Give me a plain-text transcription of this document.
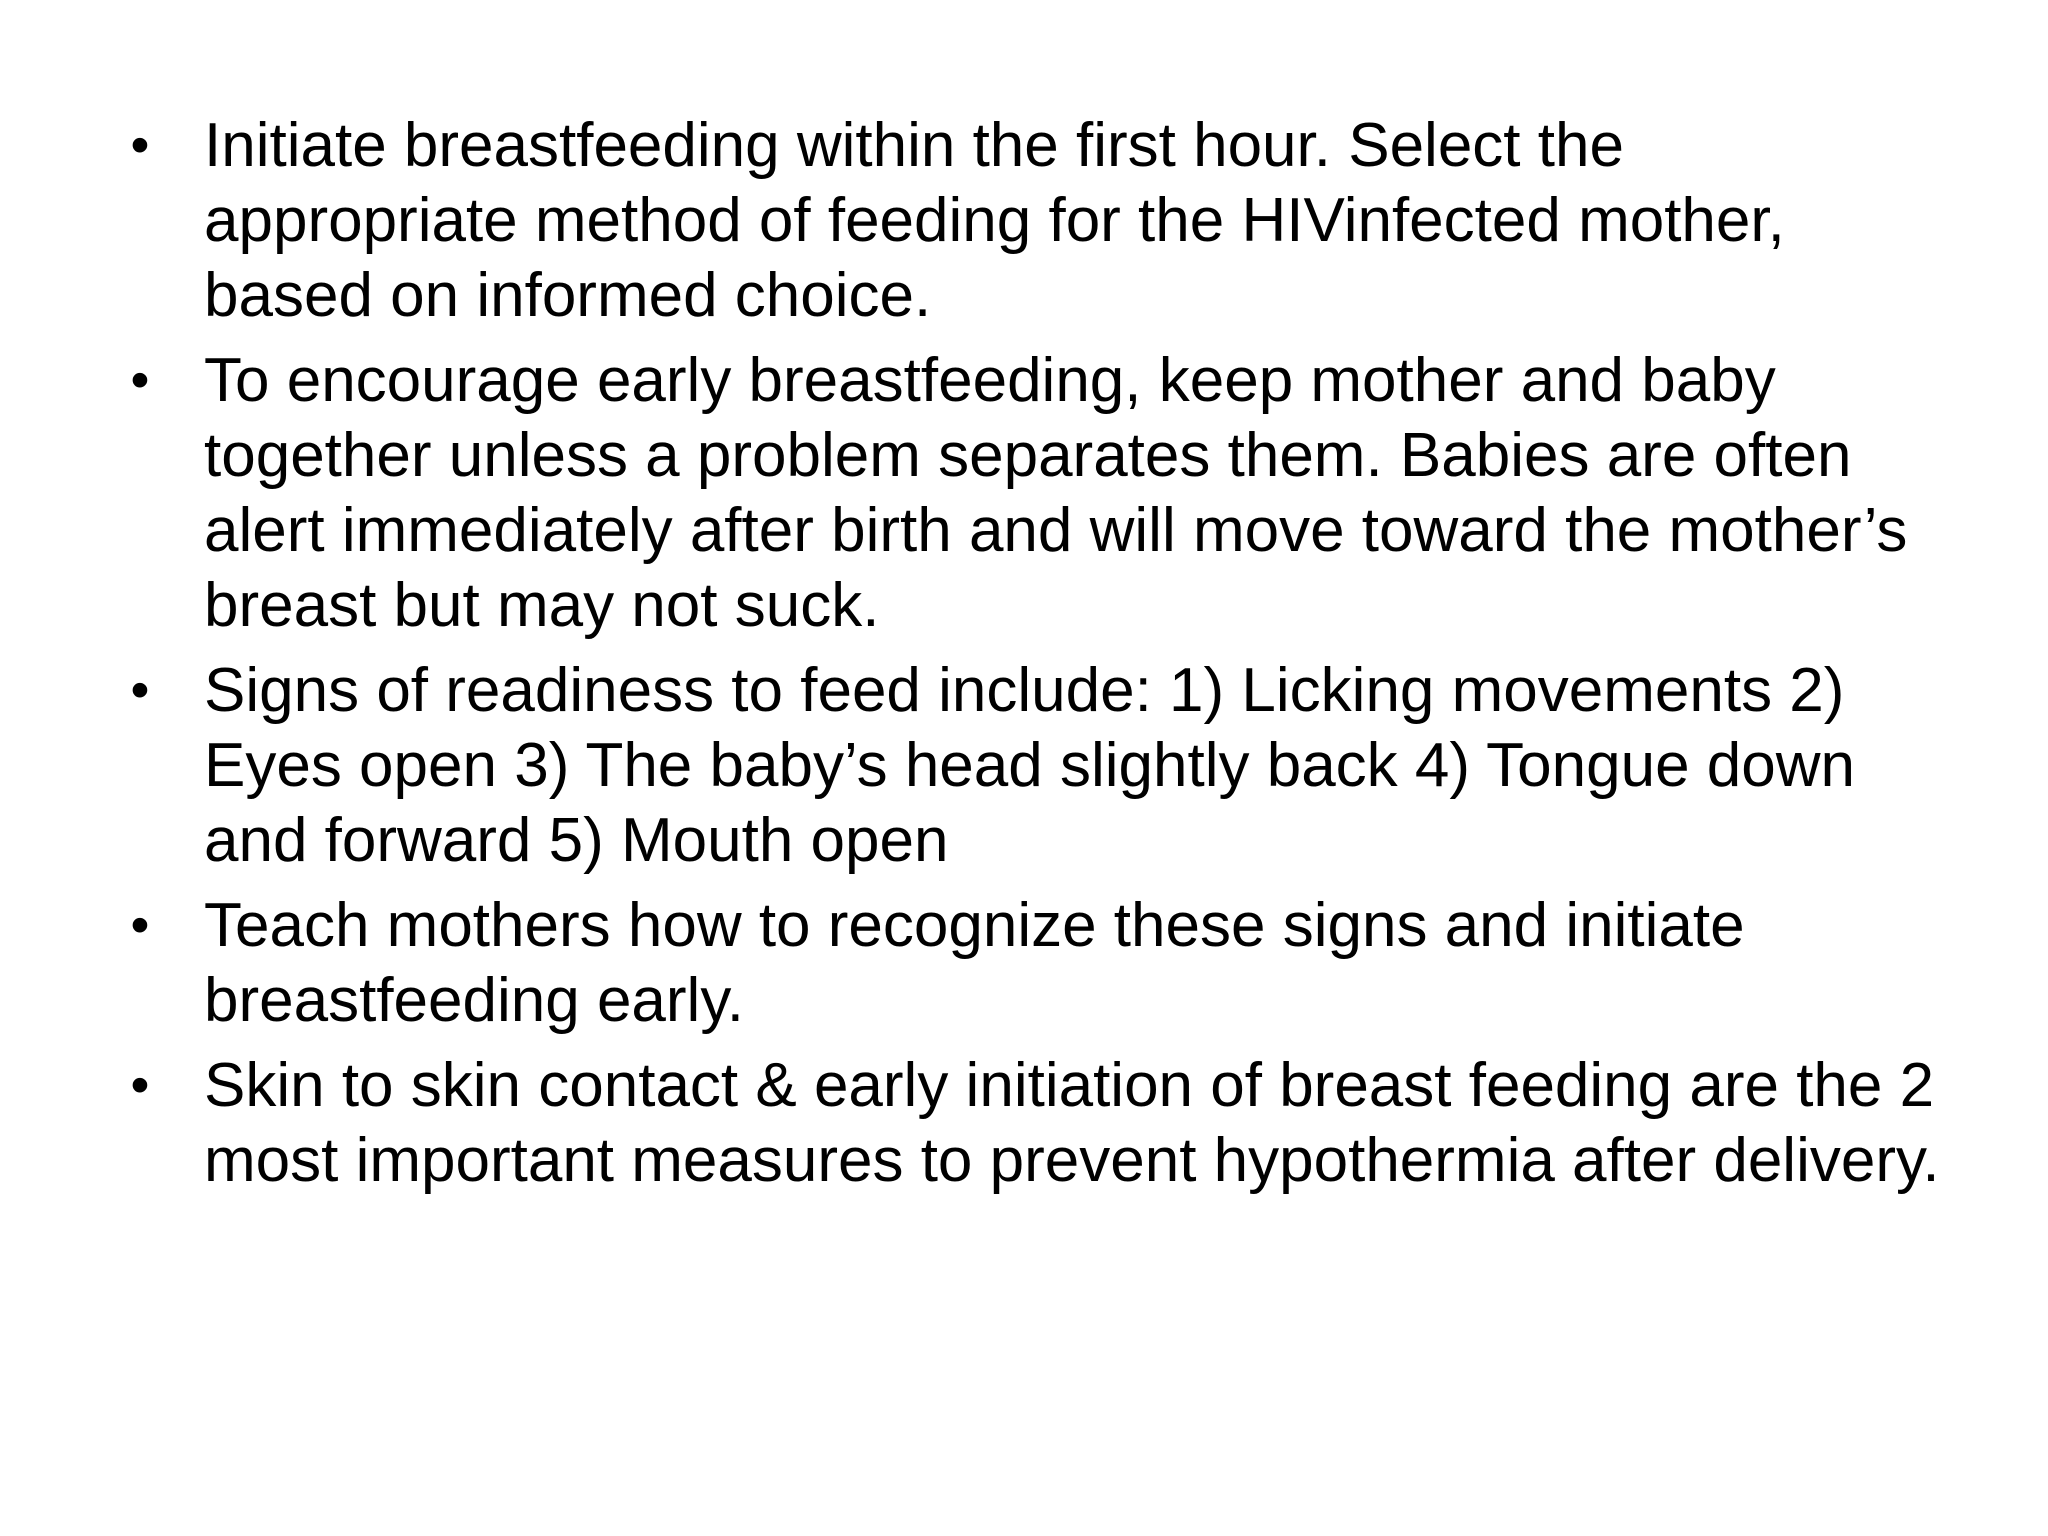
• Initiate breastfeeding within the first hour. Select the appropriate method of feeding for the HIVinfected mother, based on informed choice.
• To encourage early breastfeeding, keep mother and baby together unless a problem separates them. Babies are often alert immediately after birth and will move toward the mother’s breast but may not suck.
• Signs of readiness to feed include: 1) Licking movements 2) Eyes open 3) The baby’s head slightly back 4) Tongue down and forward 5) Mouth open
• Teach mothers how to recognize these signs and initiate breastfeeding early.
• Skin to skin contact & early initiation of breast feeding are the 2 most important measures to prevent hypothermia after delivery.
